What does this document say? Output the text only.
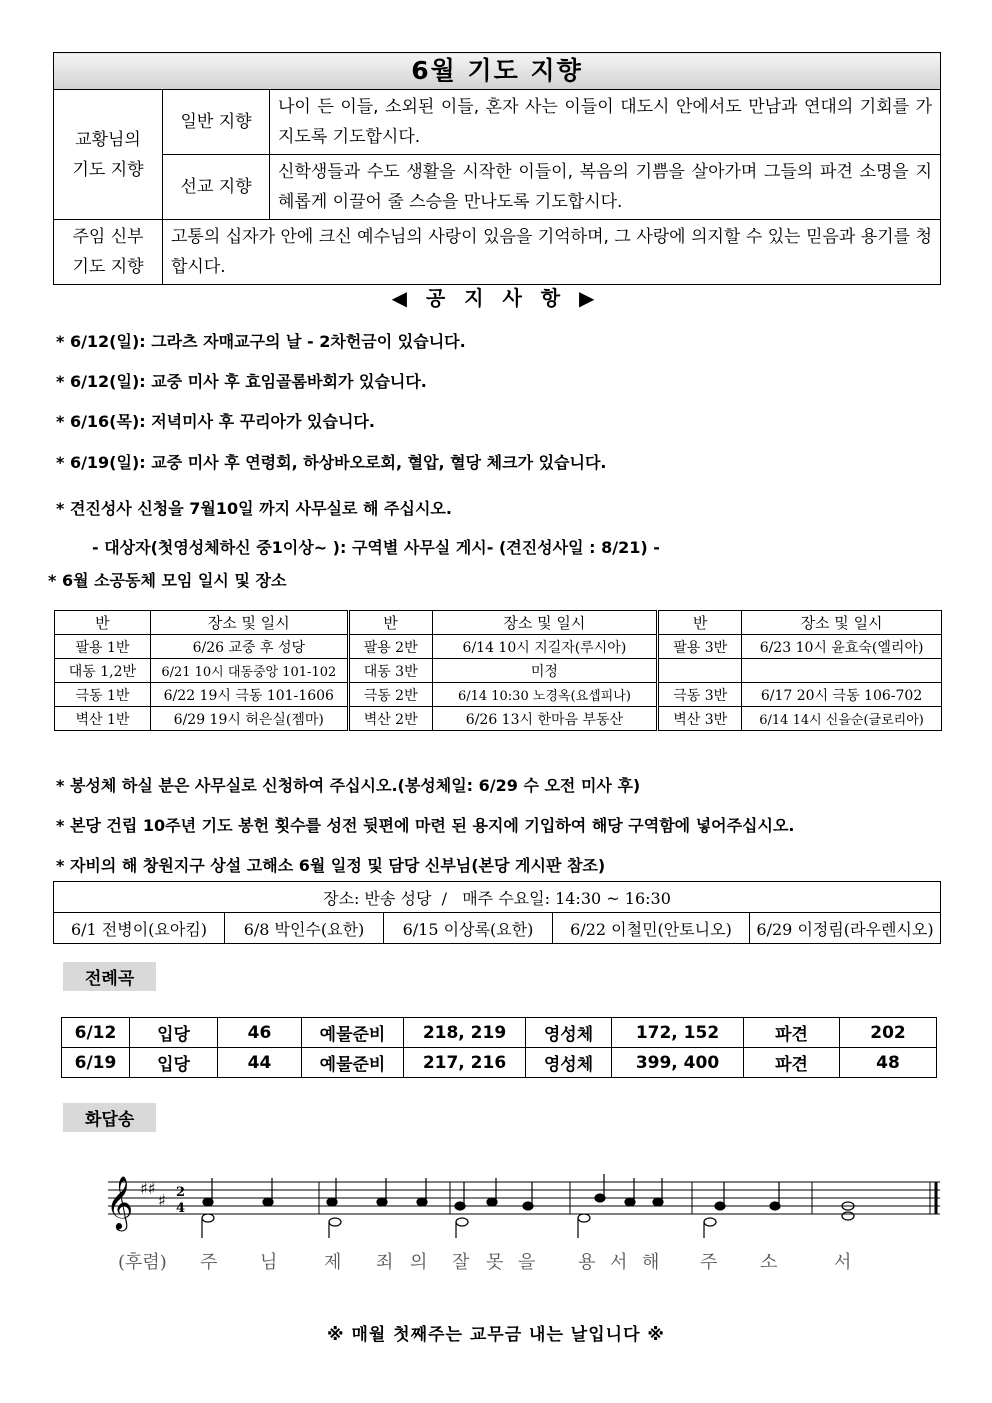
6월 기도 지향		

교황님의
기도 지향	일반 지향	나이 든 이들, 소외된 이들, 혼자 사는 이들이 대도시 안에서도 만남과 연대의 기회를 가지도록 기도합시다.
	선교 지향	신학생들과 수도 생활을 시작한 이들이, 복음의 기쁨을 살아가며 그들의 파견 소명을 지혜롭게 이끌어 줄 스승을 만나도록 기도합시다.

주임 신부
기도 지향	고통의 십자가 안에 크신 예수님의 사랑이 있음을 기억하며, 그 사랑에 의지할 수 있는 믿음과 용기를 청합시다.	
◀ 공 지 사 항 ▶
* 6/12(일): 그라츠 자매교구의 날 - 2차헌금이 있습니다.
* 6/12(일): 교중 미사 후 효임골롬바회가 있습니다.
* 6/16(목): 저녁미사 후 꾸리아가 있습니다.
* 6/19(일): 교중 미사 후 연령회, 하상바오로회, 혈압, 혈당 체크가 있습니다.
* 견진성사 신청을 7월10일 까지 사무실로 해 주십시오.
- 대상자(첫영성체하신 중1이상~ ): 구역별 사무실 게시- (견진성사일 : 8/21) -
* 6월 소공동체 모임 일시 및 장소
반	장소 및 일시	반	장소 및 일시	반	장소 및 일시
팔용 1반	6/26 교중 후 성당	팔용 2반	6/14 10시 지길자(루시아)	팔용 3반	6/23 10시 윤효숙(엘리아)
대동 1,2반	6/21 10시 대동중앙 101-102	대동 3반	미정		
극동 1반	6/22 19시 극동 101-1606	극동 2반	6/14 10:30 노경옥(요셉피나)	극동 3반	6/17 20시 극동 106-702
벽산 1반	6/29 19시 허은실(젬마)	벽산 2반	6/26 13시 한마음 부동산	벽산 3반	6/14 14시 신을순(글로리아)
* 봉성체 하실 분은 사무실로 신청하여 주십시오.(봉성체일: 6/29 수 오전 미사 후)
* 본당 건립 10주년 기도 봉헌 횟수를 성전 뒷편에 마련 된 용지에 기입하여 해당 구역함에 넣어주십시오.
* 자비의 해 창원지구 상설 고해소 6월 일정 및 담당 신부님(본당 게시판 참조)
장소: 반송 성당  /   매주 수요일: 14:30 ~ 16:30
6/1 전병이(요아킴)	6/8 박인수(요한)	6/15 이상록(요한)	6/22 이철민(안토니오)	6/29 이정림(라우렌시오)
전례곡
6/12	입당	46	예물준비	218, 219	영성체	172, 152	파견	202
6/19	입당	44	예물준비	217, 216	영성체	399, 400	파견	48
화답송
𝄞 ♯♯
♯ 2
4
(후렴) 주 님	제 죄 의 잘 못 을 용 서 해 주 소	서
※ 매월 첫째주는 교무금 내는 날입니다 ※
